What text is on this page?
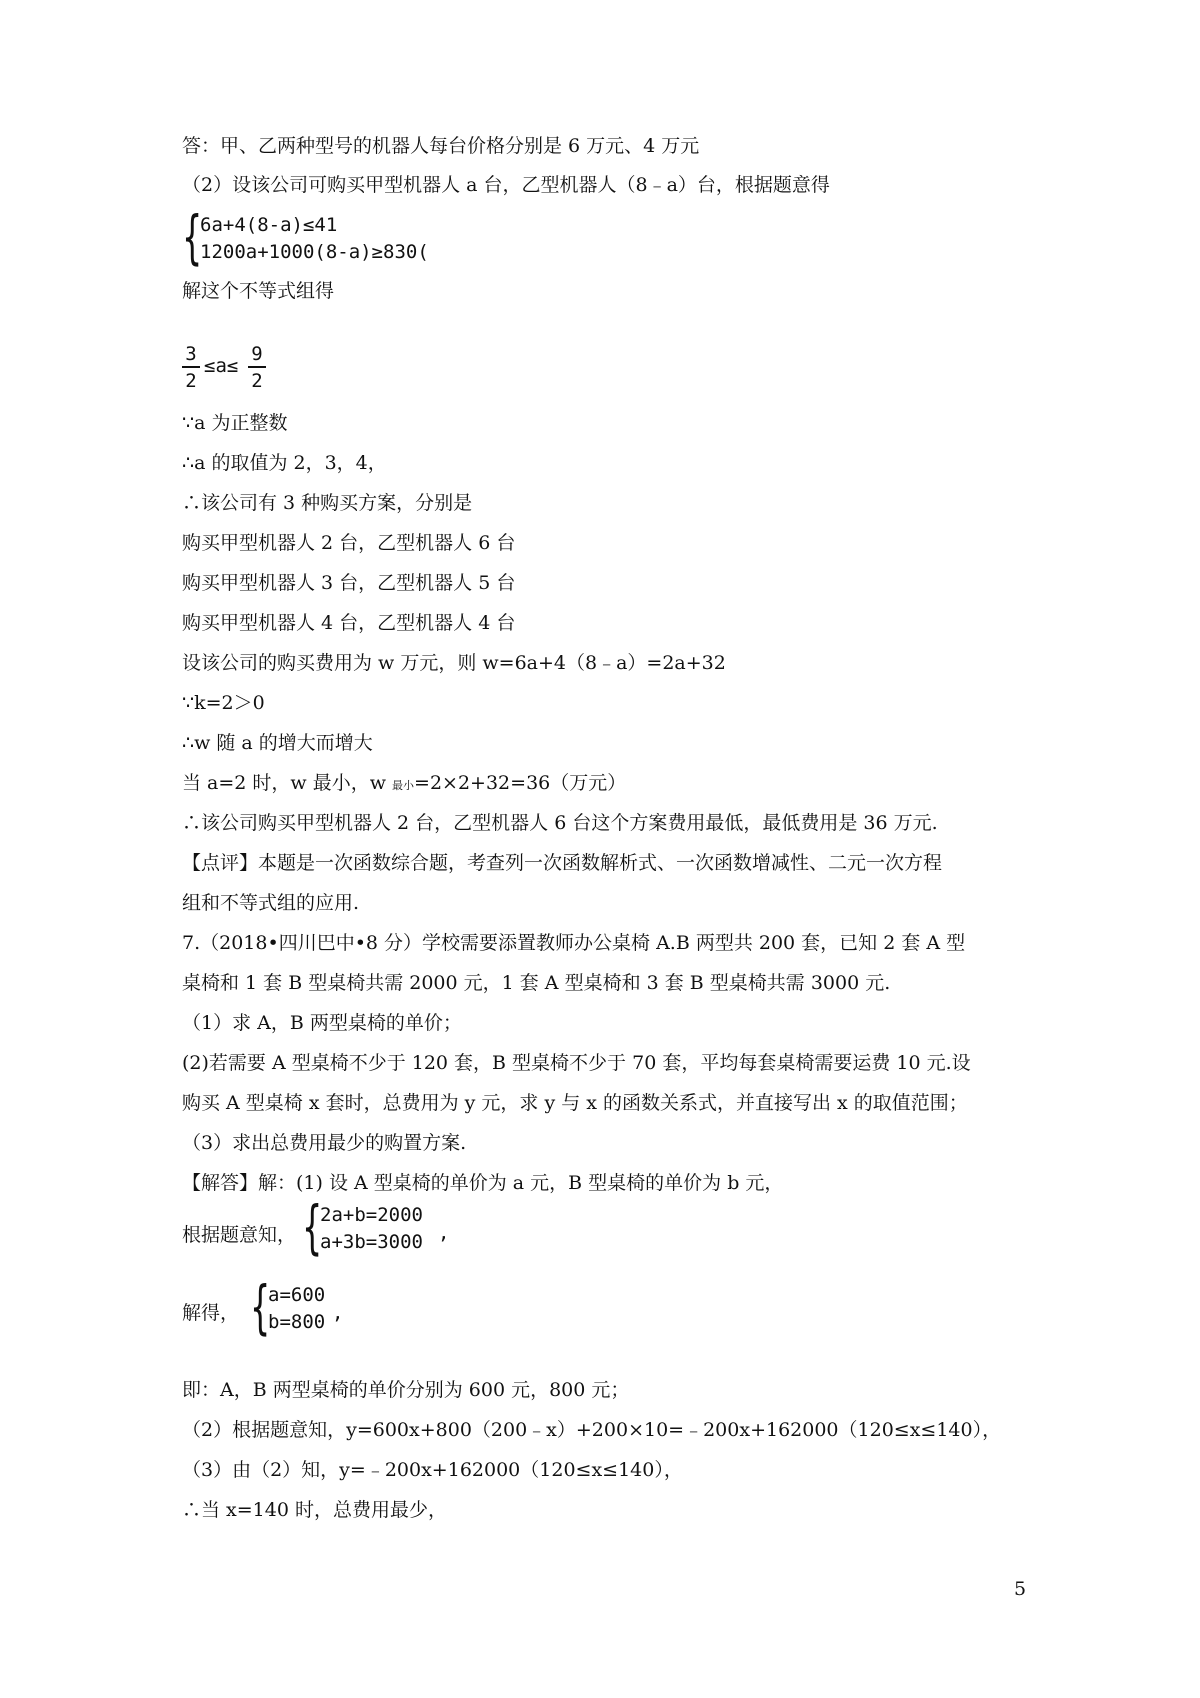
答：甲、乙两种型号的机器人每台价格分别是 6 万元、4 万元
（2）设该公司可购买甲型机器人 a 台，乙型机器人（8﹣a）台，根据题意得
{
6a+4(8-a)≤41
1200a+1000(8-a)≥830(
解这个不等式组得
3
2
≤a≤
9
2
∵a 为正整数
∴a 的取值为 2，3，4，
∴该公司有 3 种购买方案，分别是
购买甲型机器人 2 台，乙型机器人 6 台
购买甲型机器人 3 台，乙型机器人 5 台
购买甲型机器人 4 台，乙型机器人 4 台
设该公司的购买费用为 w 万元，则 w=6a+4（8﹣a）=2a+32
∵k=2＞0
∴w 随 a 的增大而增大
当 a=2 时，w 最小，w 最小=2×2+32=36（万元）
∴该公司购买甲型机器人 2 台，乙型机器人 6 台这个方案费用最低，最低费用是 36 万元.
【点评】本题是一次函数综合题，考查列一次函数解析式、一次函数增减性、二元一次方程
组和不等式组的应用.
7.（2018•四川巴中•8 分）学校需要添置教师办公桌椅 A.B 两型共 200 套，已知 2 套 A 型
桌椅和 1 套 B 型桌椅共需 2000 元，1 套 A 型桌椅和 3 套 B 型桌椅共需 3000 元.
（1）求 A，B 两型桌椅的单价；
(2)若需要 A 型桌椅不少于 120 套，B 型桌椅不少于 70 套，平均每套桌椅需要运费 10 元.设
购买 A 型桌椅 x 套时，总费用为 y 元，求 y 与 x 的函数关系式，并直接写出 x 的取值范围；
（3）求出总费用最少的购置方案.
【解答】解：(1) 设 A 型桌椅的单价为 a 元，B 型桌椅的单价为 b 元，
根据题意知， {
2a+b=2000
a+3b=3000 ,
解得， {
a=600
b=800 ,
即：A，B 两型桌椅的单价分别为 600 元，800 元；
（2）根据题意知，y=600x+800（200﹣x）+200×10=﹣200x+162000（120≤x≤140），
（3）由（2）知，y=﹣200x+162000（120≤x≤140），
∴当 x=140 时，总费用最少，
5
